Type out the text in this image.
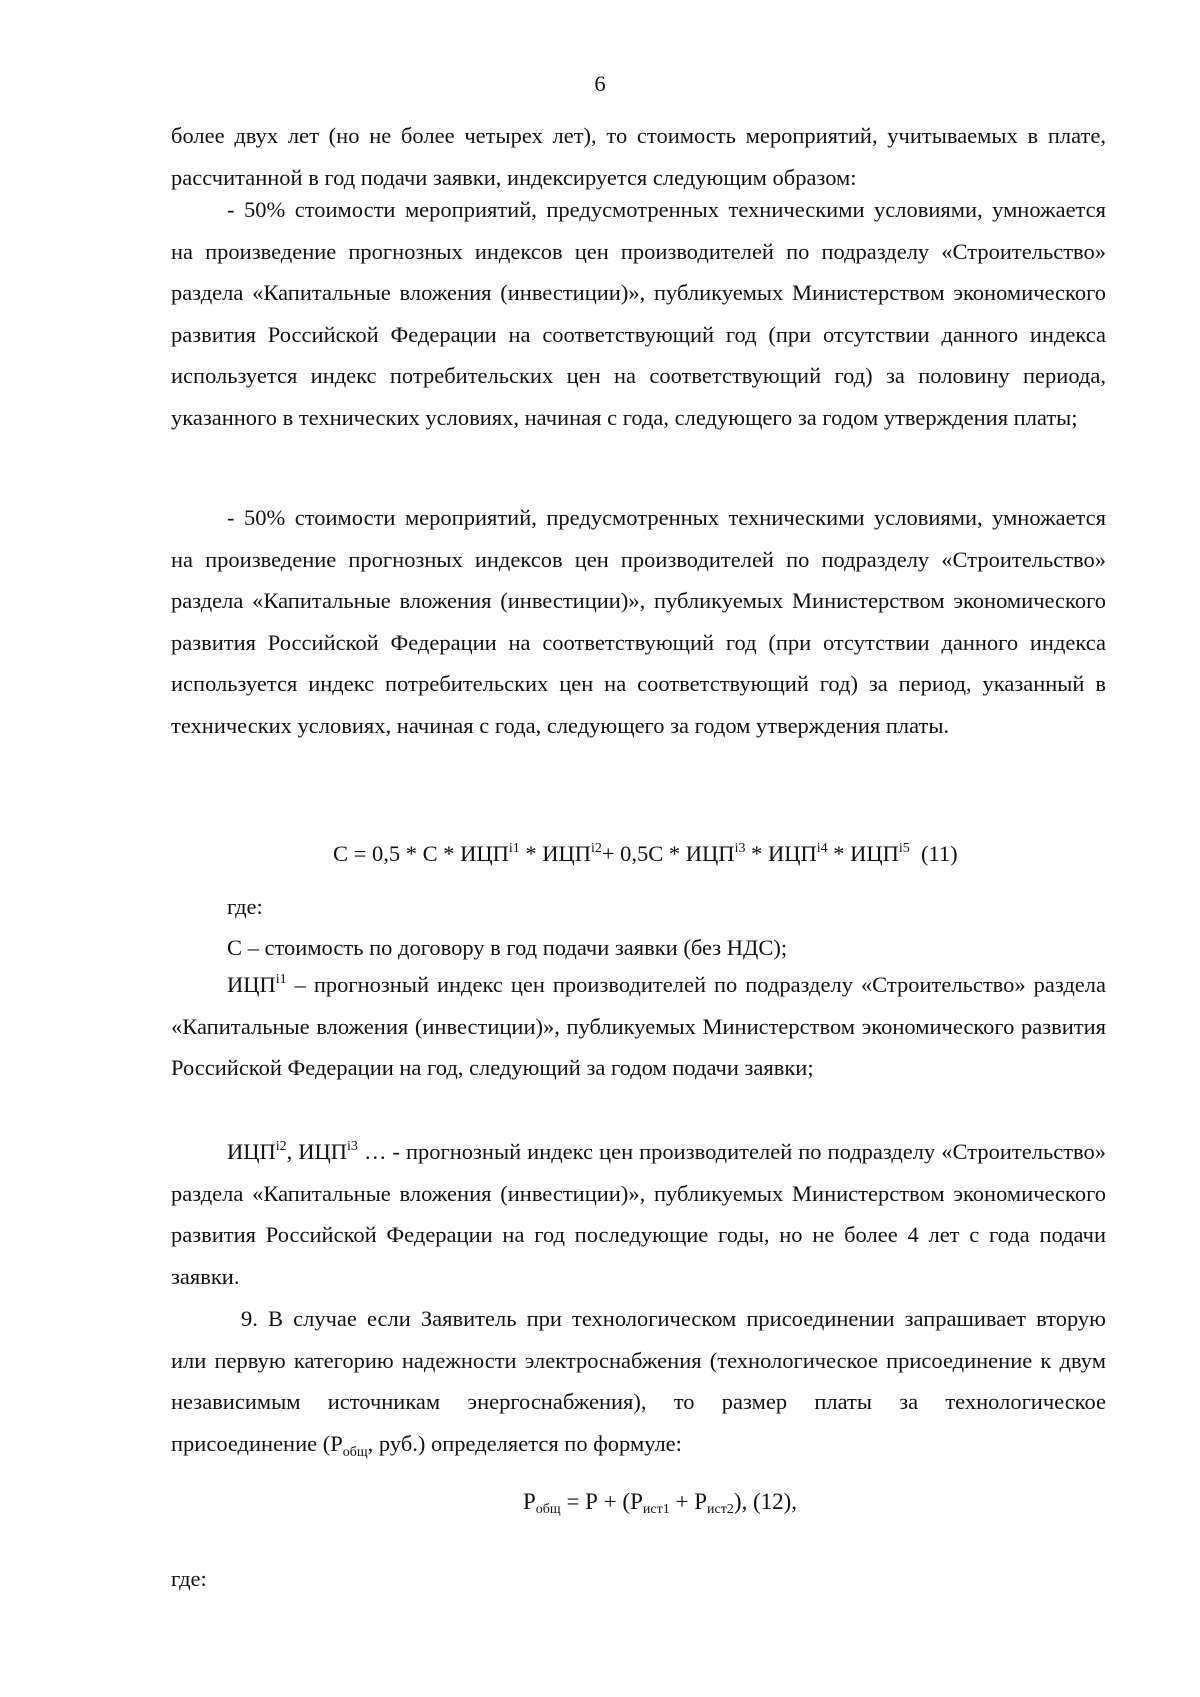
6

более двух лет (но не более четырех лет), то стоимость мероприятий, учитываемых в плате, рассчитанной в год подачи заявки, индексируется следующим образом:

- 50% стоимости мероприятий, предусмотренных техническими условиями, умножается на произведение прогнозных индексов цен производителей по подразделу «Строительство» раздела «Капитальные вложения (инвестиции)», публикуемых Министерством экономического развития Российской Федерации на соответствующий год (при отсутствии данного индекса используется индекс потребительских цен на соответствующий год) за половину периода, указанного в технических условиях, начиная с года, следующего за годом утверждения платы;

- 50% стоимости мероприятий, предусмотренных техническими условиями, умножается на произведение прогнозных индексов цен производителей по подразделу «Строительство» раздела «Капитальные вложения (инвестиции)», публикуемых Министерством экономического развития Российской Федерации на соответствующий год (при отсутствии данного индекса используется индекс потребительских цен на соответствующий год) за период, указанный в технических условиях, начиная с года, следующего за годом утверждения платы.

$С = 0,5 * С * ИЦП^{i1} * ИЦП^{i2}+ 0,5С * ИЦП^{i3} * ИЦП^{i4} * ИЦП^{i5}$  (11)
где:
С – стоимость по договору в год подачи заявки (без НДС);

$ИЦП^{i1}$ – прогнозный индекс цен производителей по подразделу «Строительство» раздела «Капитальные вложения (инвестиции)», публикуемых Министерством экономического развития Российской Федерации на год, следующий за годом подачи заявки;

$ИЦП^{i2}$, $ИЦП^{i3}$ … - прогнозный индекс цен производителей по подразделу «Строительство» раздела «Капитальные вложения (инвестиции)», публикуемых Министерством экономического развития Российской Федерации на год последующие годы, но не более 4 лет с года подачи заявки.

9. В случае если Заявитель при технологическом присоединении запрашивает вторую или первую категорию надежности электроснабжения (технологическое присоединение к двум независимым источникам энергоснабжения), то размер платы за технологическое присоединение ($Р_{общ}$, руб.) определяется по формуле:

$Р_{общ} = Р + (Р_{ист1} + Р_{ист2})$, (12),
где:
